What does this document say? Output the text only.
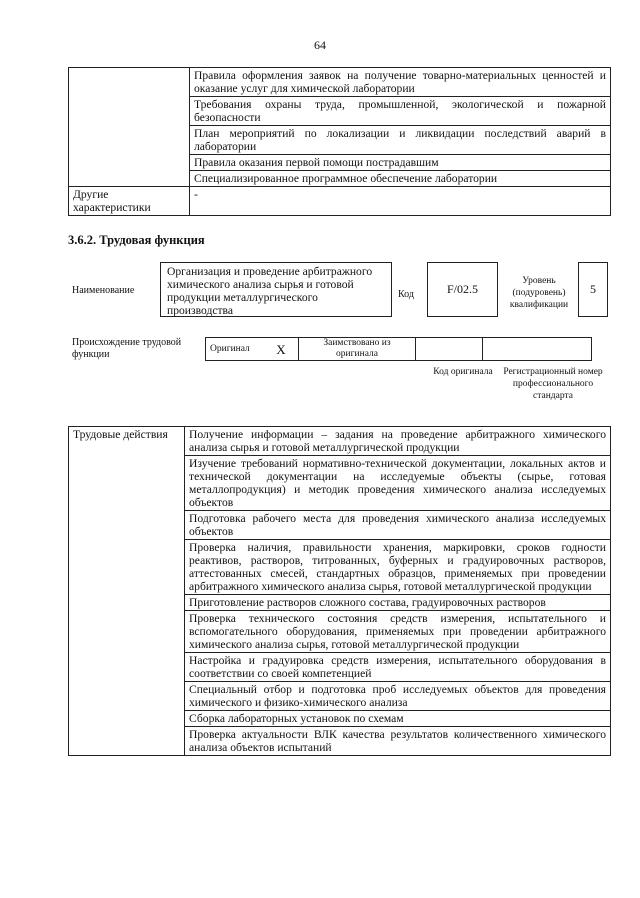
64
	Правила оформления заявок на получение товарно-материальных ценностей и оказание услуг для химической лаборатории
	Требования охраны труда, промышленной, экологической и пожарной безопасности
	План мероприятий по локализации и ликвидации последствий аварий в лаборатории
	Правила оказания первой помощи пострадавшим
	Специализированное программное обеспечение лаборатории
Другие характеристики	-
3.6.2. Трудовая функция
Наименование
Организация и проведение арбитражного химического анализа сырья и готовой продукции металлургического производства
Код	F/02.5
Уровень (подуровень) квалификации
5
Происхождение трудовой функции
Оригинал	X	Заимствовано из оригинала		
Код оригинала	Регистрационный номер профессионального стандарта
Трудовые действия	Получение информации – задания на проведение арбитражного химического анализа сырья и готовой металлургической продукции
Изучение требований нормативно-технической документации, локальных актов и технической документации на исследуемые объекты (сырье, готовая металлопродукция) и методик проведения химического анализа исследуемых объектов
Подготовка рабочего места для проведения химического анализа исследуемых объектов
Проверка наличия, правильности хранения, маркировки, сроков годности реактивов, растворов, титрованных, буферных и градуировочных растворов, аттестованных смесей, стандартных образцов, применяемых при проведении арбитражного химического анализа сырья, готовой металлургической продукции
Приготовление растворов сложного состава, градуировочных растворов
Проверка технического состояния средств измерения, испытательного и вспомогательного оборудования, применяемых при проведении арбитражного химического анализа сырья, готовой металлургической продукции
Настройка и градуировка средств измерения, испытательного оборудования в соответствии со своей компетенцией
Специальный отбор и подготовка проб исследуемых объектов для проведения химического и физико-химического анализа
Сборка лабораторных установок по схемам
Проверка актуальности ВЛК качества результатов количественного химического анализа объектов испытаний
